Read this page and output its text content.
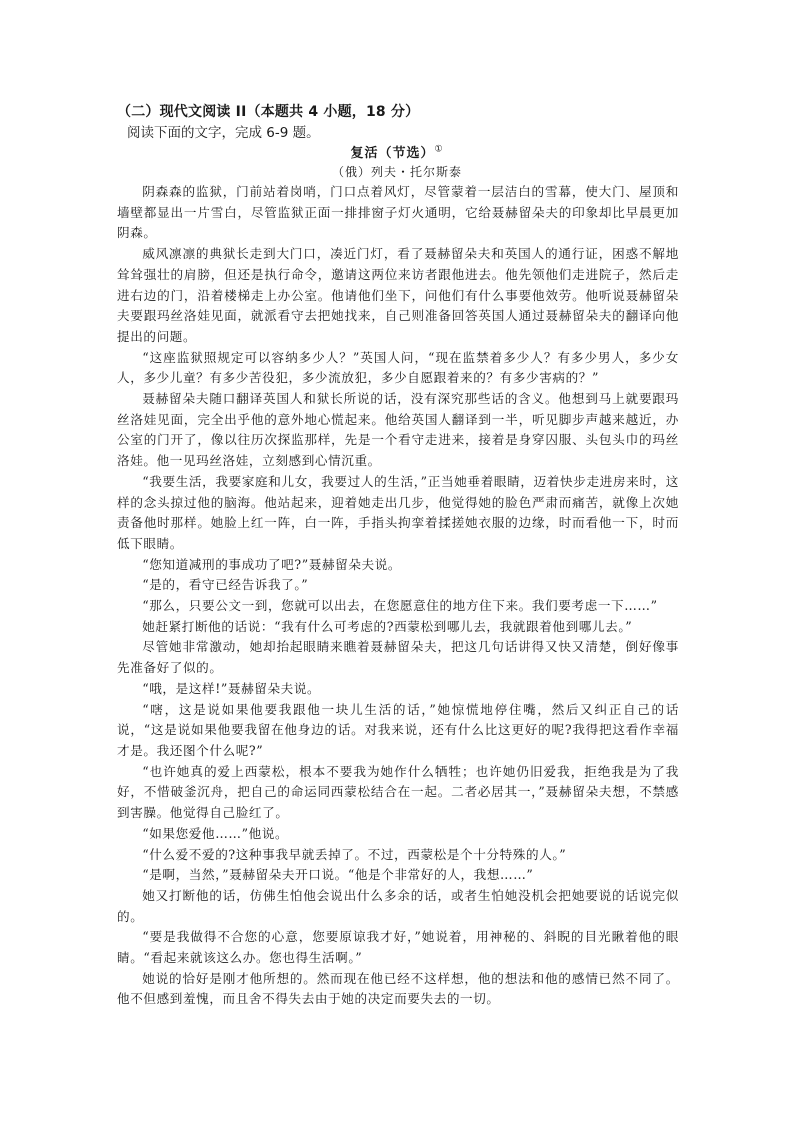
（二）现代文阅读 II（本题共 4 小题，18 分）
阅读下面的文字，完成 6-9 题。
复活（节选）①
（俄）列夫・托尔斯泰

阴森森的监狱，门前站着岗哨，门口点着风灯，尽管蒙着一层洁白的雪幕，使大门、屋顶和墙壁都显出一片雪白，尽管监狱正面一排排窗子灯火通明，它给聂赫留朵夫的印象却比早晨更加阴森。

威风凛凛的典狱长走到大门口，凑近门灯，看了聂赫留朵夫和英国人的通行证，困惑不解地耸耸强壮的肩膀，但还是执行命令，邀请这两位来访者跟他进去。他先领他们走进院子，然后走进右边的门，沿着楼梯走上办公室。他请他们坐下，问他们有什么事要他效劳。他听说聂赫留朵夫要跟玛丝洛娃见面，就派看守去把她找来，自己则准备回答英国人通过聂赫留朵夫的翻译向他提出的问题。

“这座监狱照规定可以容纳多少人？”英国人问，“现在监禁着多少人？有多少男人，多少女人，多少儿童？有多少苦役犯，多少流放犯，多少自愿跟着来的？有多少害病的？”

聂赫留朵夫随口翻译英国人和狱长所说的话，没有深究那些话的含义。他想到马上就要跟玛丝洛娃见面，完全出乎他的意外地心慌起来。他给英国人翻译到一半，听见脚步声越来越近，办公室的门开了，像以往历次探监那样，先是一个看守走进来，接着是身穿囚服、头包头巾的玛丝洛娃。他一见玛丝洛娃，立刻感到心情沉重。

“我要生活，我要家庭和儿女，我要过人的生活，”正当她垂着眼睛，迈着快步走进房来时，这样的念头掠过他的脑海。他站起来，迎着她走出几步，他觉得她的脸色严肃而痛苦，就像上次她责备他时那样。她脸上红一阵，白一阵，手指头拘挛着揉搓她衣服的边缘，时而看他一下，时而低下眼睛。

“您知道减刑的事成功了吧?”聂赫留朵夫说。

“是的，看守已经告诉我了。”

“那么，只要公文一到，您就可以出去，在您愿意住的地方住下来。我们要考虑一下……”

她赶紧打断他的话说：“我有什么可考虑的?西蒙松到哪儿去，我就跟着他到哪儿去。”

尽管她非常激动，她却抬起眼睛来瞧着聂赫留朵夫，把这几句话讲得又快又清楚，倒好像事先准备好了似的。

“哦，是这样!”聂赫留朵夫说。

“嗐，这是说如果他要我跟他一块儿生活的话，”她惊慌地停住嘴，然后又纠正自己的话说，“这是说如果他要我留在他身边的话。对我来说，还有什么比这更好的呢?我得把这看作幸福才是。我还图个什么呢?”

“也许她真的爱上西蒙松，根本不要我为她作什么牺牲；也许她仍旧爱我，拒绝我是为了我好，不惜破釜沉舟，把自己的命运同西蒙松结合在一起。二者必居其一，”聂赫留朵夫想，不禁感到害臊。他觉得自己脸红了。

“如果您爱他……”他说。

“什么爱不爱的?这种事我早就丢掉了。不过，西蒙松是个十分特殊的人。”

“是啊，当然，”聂赫留朵夫开口说。“他是个非常好的人，我想……”

她又打断他的话，仿佛生怕他会说出什么多余的话，或者生怕她没机会把她要说的话说完似的。

“要是我做得不合您的心意，您要原谅我才好，”她说着，用神秘的、斜睨的目光瞅着他的眼睛。“看起来就该这么办。您也得生活啊。”

她说的恰好是刚才他所想的。然而现在他已经不这样想，他的想法和他的感情已然不同了。他不但感到羞愧，而且舍不得失去由于她的决定而要失去的一切。
